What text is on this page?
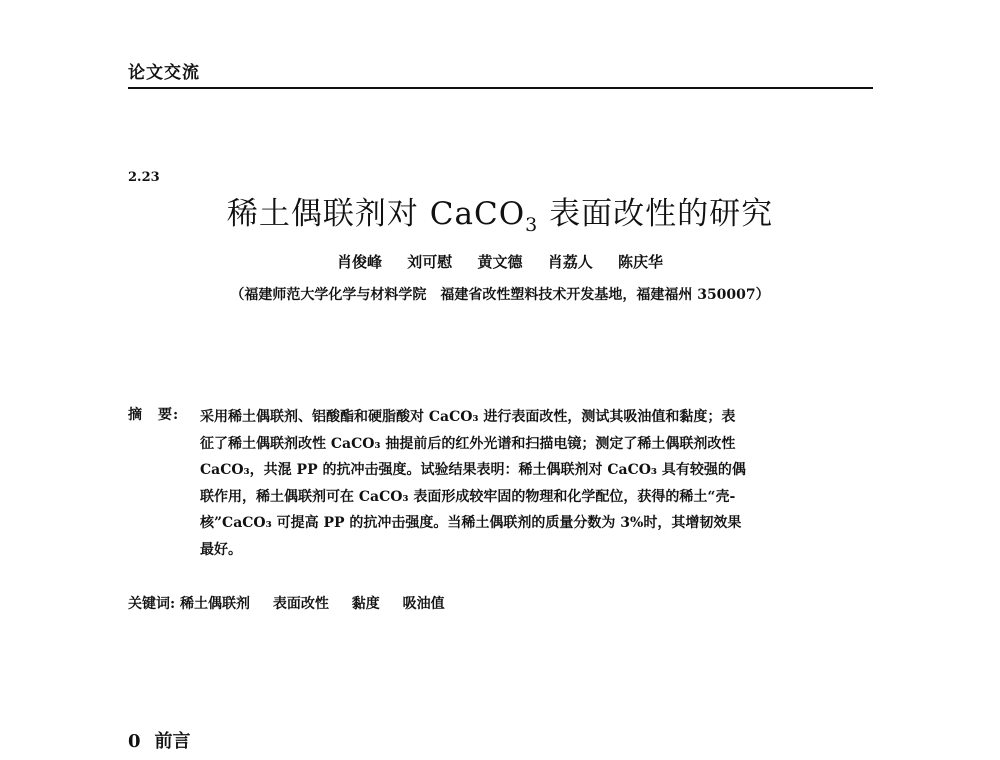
论文交流
2.23
稀土偶联剂对 CaCO$_3$ 表面改性的研究
肖俊峰 刘可慰 黄文德 肖荔人 陈庆华
（福建师范大学化学与材料学院　福建省改性塑料技术开发基地，福建福州 350007）
摘　要:	采用稀土偶联剂、铝酸酯和硬脂酸对 CaCO₃ 进行表面改性，测试其吸油值和黏度；表
征了稀土偶联剂改性 CaCO₃ 抽提前后的红外光谱和扫描电镜；测定了稀土偶联剂改性
CaCO₃，共混 PP 的抗冲击强度。试验结果表明：稀土偶联剂对 CaCO₃ 具有较强的偶
联作用，稀土偶联剂可在 CaCO₃ 表面形成较牢固的物理和化学配位，获得的稀土“壳-
核”CaCO₃ 可提高 PP 的抗冲击强度。当稀土偶联剂的质量分数为 3%时，其增韧效果
最好。
关键词: 稀土偶联剂 表面改性 黏度 吸油值
0 前言
